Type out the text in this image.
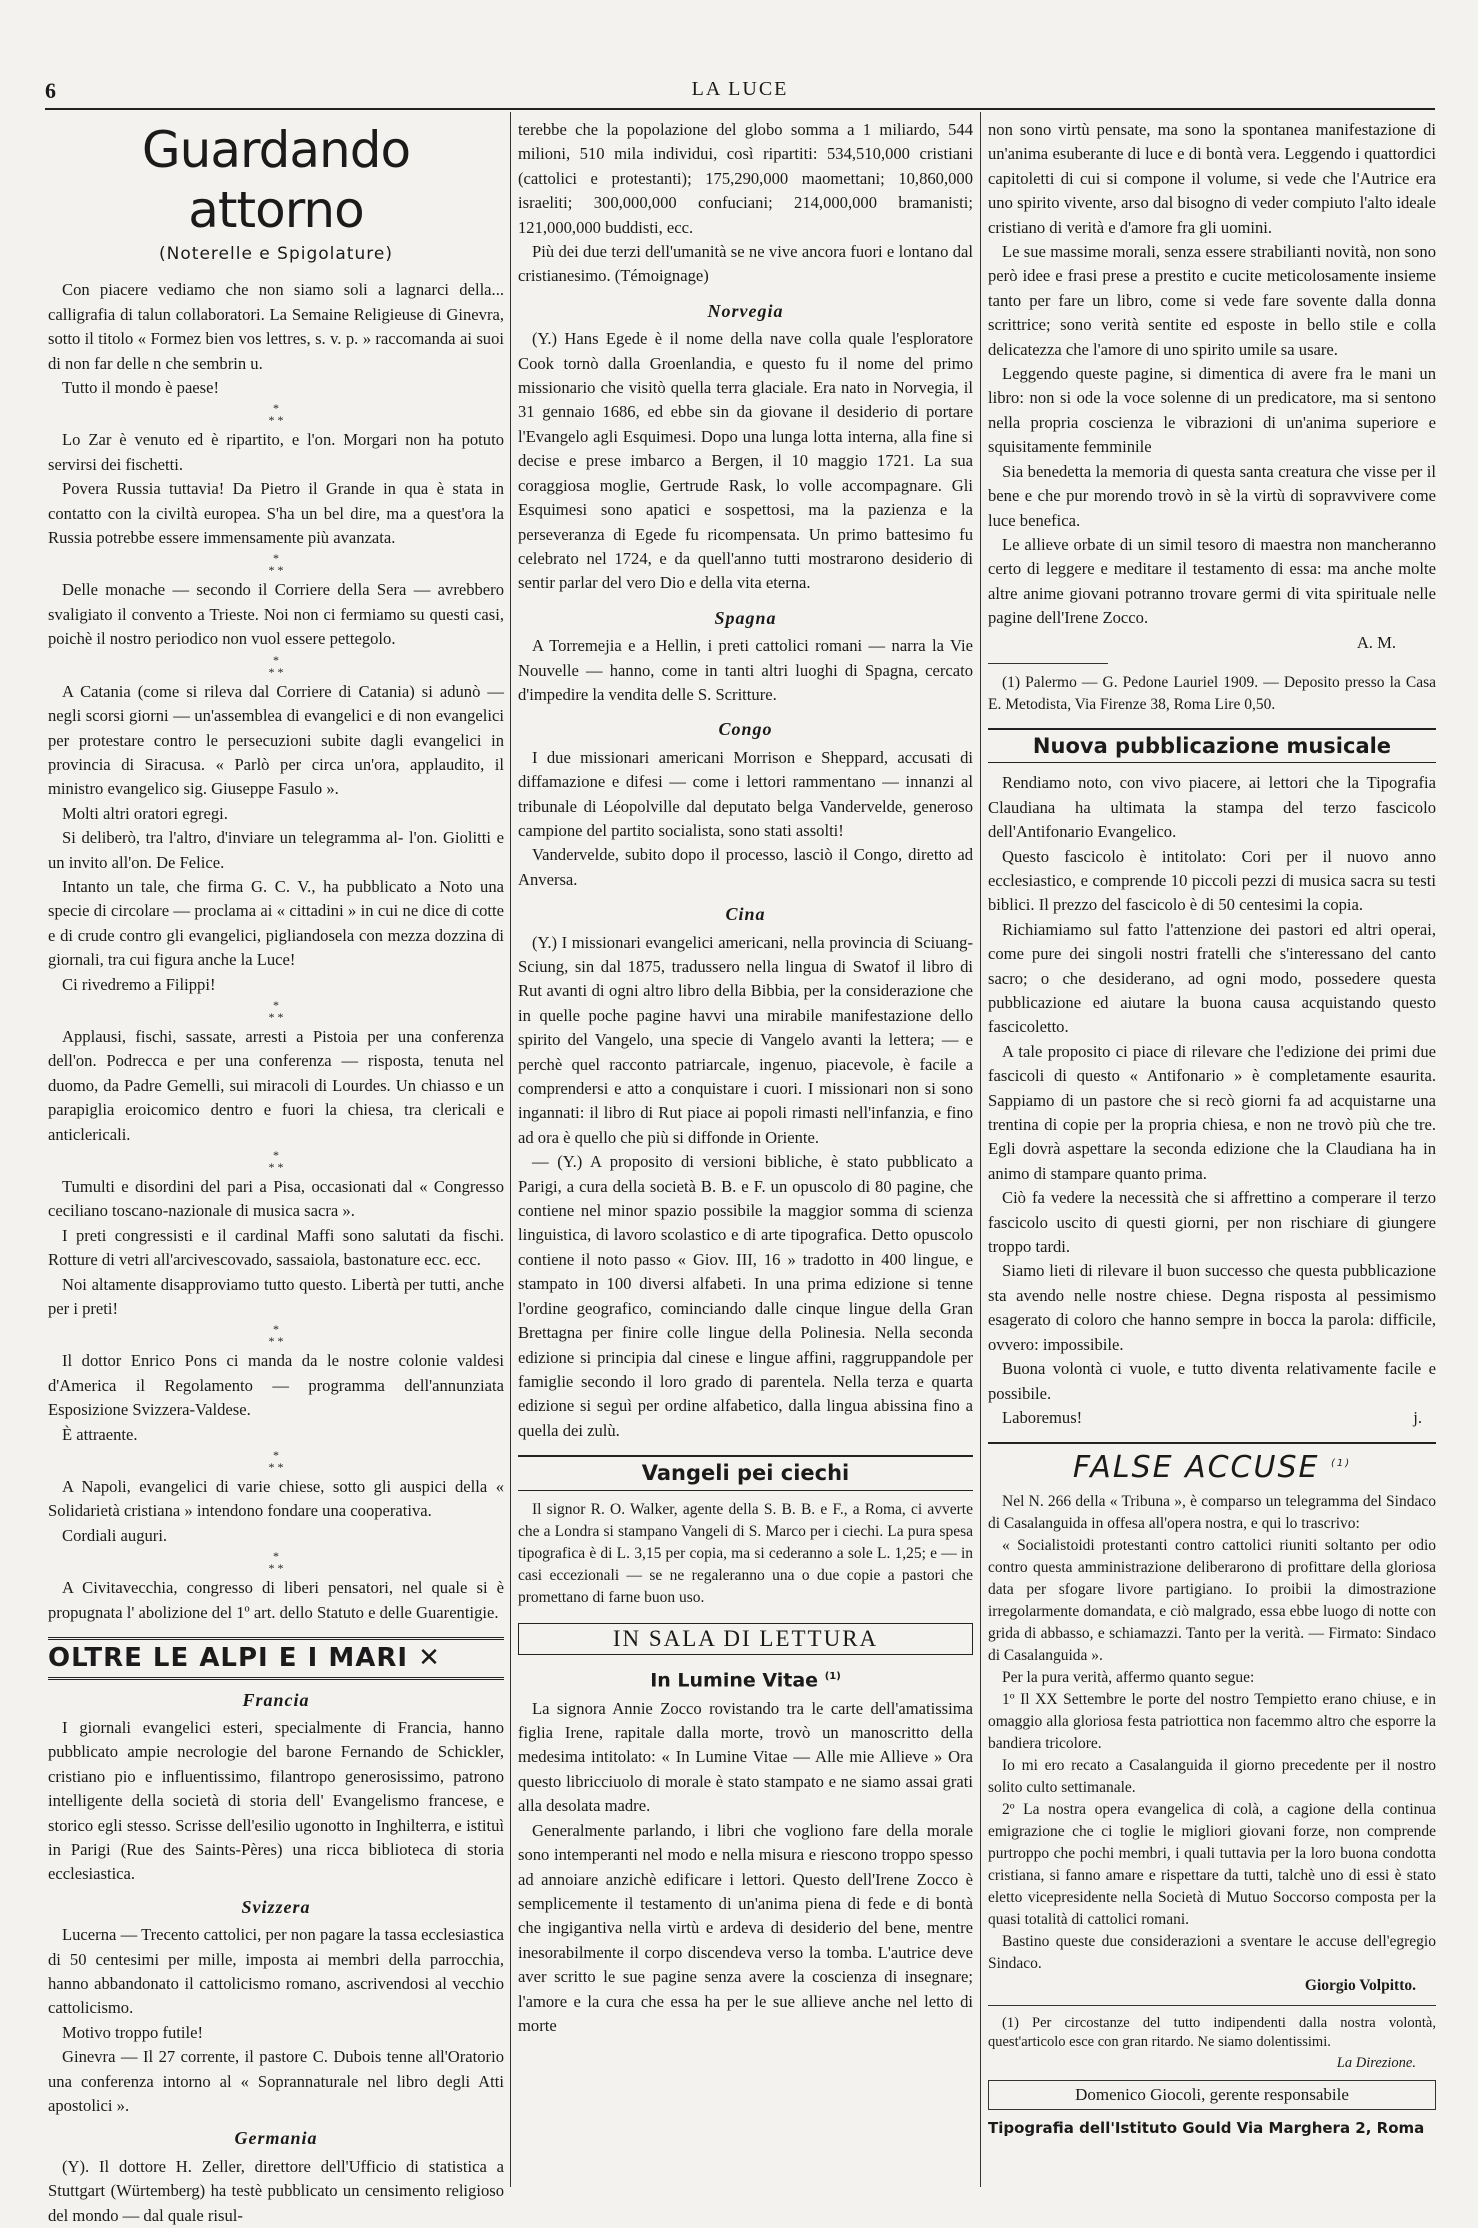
6	LA LUCE
Guardando attorno
(Noterelle e Spigolature)

Con piacere vediamo che non siamo soli a lagnarci della... calligrafia di talun collaboratori. La Semaine Religieuse di Ginevra, sotto il titolo « Formez bien vos lettres, s. v. p. » raccomanda ai suoi di non far delle n che sembrin u.

Tutto il mondo è paese!

*
* *

Lo Zar è venuto ed è ripartito, e l'on. Morgari non ha potuto servirsi dei fischetti.

Povera Russia tuttavia! Da Pietro il Grande in qua è stata in contatto con la civiltà europea. S'ha un bel dire, ma a quest'ora la Russia potrebbe essere immensamente più avanzata.

*
* *

Delle monache — secondo il Corriere della Sera — avrebbero svaligiato il convento a Trieste. Noi non ci fermiamo su questi casi, poichè il nostro periodico non vuol essere pettegolo.

*
* *

A Catania (come si rileva dal Corriere di Catania) si adunò — negli scorsi giorni — un'assemblea di evangelici e di non evangelici per protestare contro le persecuzioni subite dagli evangelici in provincia di Siracusa. « Parlò per circa un'ora, applaudito, il ministro evangelico sig. Giuseppe Fasulo ».

Molti altri oratori egregi.

Si deliberò, tra l'altro, d'inviare un telegramma al- l'on. Giolitti e un invito all'on. De Felice.

Intanto un tale, che firma G. C. V., ha pubblicato a Noto una specie di circolare — proclama ai « cittadini » in cui ne dice di cotte e di crude contro gli evangelici, pigliandosela con mezza dozzina di giornali, tra cui figura anche la Luce!

Ci rivedremo a Filippi!

*
* *

Applausi, fischi, sassate, arresti a Pistoia per una conferenza dell'on. Podrecca e per una conferenza — risposta, tenuta nel duomo, da Padre Gemelli, sui miracoli di Lourdes. Un chiasso e un parapiglia eroicomico dentro e fuori la chiesa, tra clericali e anticlericali.

*
* *

Tumulti e disordini del pari a Pisa, occasionati dal « Congresso ceciliano toscano-nazionale di musica sacra ».

I preti congressisti e il cardinal Maffi sono salutati da fischi. Rotture di vetri all'arcivescovado, sassaiola, bastonature ecc. ecc.

Noi altamente disapproviamo tutto questo. Libertà per tutti, anche per i preti!

*
* *

Il dottor Enrico Pons ci manda da le nostre colonie valdesi d'America il Regolamento — programma dell'annunziata Esposizione Svizzera-Valdese.

È attraente.

*
* *

A Napoli, evangelici di varie chiese, sotto gli auspici della « Solidarietà cristiana » intendono fondare una cooperativa.

Cordiali auguri.

*
* *

A Civitavecchia, congresso di liberi pensatori, nel quale si è propugnata l' abolizione del 1º art. dello Statuto e delle Guarentigie.

OLTRE LE ALPI E I MARI ✕
Francia

I giornali evangelici esteri, specialmente di Francia, hanno pubblicato ampie necrologie del barone Fernando de Schickler, cristiano pio e influentissimo, filantropo generosissimo, patrono intelligente della società di storia dell' Evangelismo francese, e storico egli stesso. Scrisse dell'esilio ugonotto in Inghilterra, e istituì in Parigi (Rue des Saints-Pères) una ricca biblioteca di storia ecclesiastica.

Svizzera

Lucerna — Trecento cattolici, per non pagare la tassa ecclesiastica di 50 centesimi per mille, imposta ai membri della parrocchia, hanno abbandonato il cattolicismo romano, ascrivendosi al vecchio cattolicismo.

Motivo troppo futile!

Ginevra — Il 27 corrente, il pastore C. Dubois tenne all'Oratorio una conferenza intorno al « Soprannaturale nel libro degli Atti apostolici ».

Germania

(Y). Il dottore H. Zeller, direttore dell'Ufficio di statistica a Stuttgart (Würtemberg) ha testè pubblicato un censimento religioso del mondo — dal quale risul-

terebbe che la popolazione del globo somma a 1 miliardo, 544 milioni, 510 mila individui, così ripartiti: 534,510,000 cristiani (cattolici e protestanti); 175,290,000 maomettani; 10,860,000 israeliti; 300,000,000 confuciani; 214,000,000 bramanisti; 121,000,000 buddisti, ecc.

Più dei due terzi dell'umanità se ne vive ancora fuori e lontano dal cristianesimo. (Témoignage)

Norvegia

(Y.) Hans Egede è il nome della nave colla quale l'esploratore Cook tornò dalla Groenlandia, e questo fu il nome del primo missionario che visitò quella terra glaciale. Era nato in Norvegia, il 31 gennaio 1686, ed ebbe sin da giovane il desiderio di portare l'Evangelo agli Esquimesi. Dopo una lunga lotta interna, alla fine si decise e prese imbarco a Bergen, il 10 maggio 1721. La sua coraggiosa moglie, Gertrude Rask, lo volle accompagnare. Gli Esquimesi sono apatici e sospettosi, ma la pazienza e la perseveranza di Egede fu ricompensata. Un primo battesimo fu celebrato nel 1724, e da quell'anno tutti mostrarono desiderio di sentir parlar del vero Dio e della vita eterna.

Spagna

A Torremejia e a Hellin, i preti cattolici romani — narra la Vie Nouvelle — hanno, come in tanti altri luoghi di Spagna, cercato d'impedire la vendita delle S. Scritture.

Congo

I due missionari americani Morrison e Sheppard, accusati di diffamazione e difesi — come i lettori rammentano — innanzi al tribunale di Léopolville dal deputato belga Vandervelde, generoso campione del partito socialista, sono stati assolti!

Vandervelde, subito dopo il processo, lasciò il Congo, diretto ad Anversa.

Cina

(Y.) I missionari evangelici americani, nella provincia di Sciuang-Sciung, sin dal 1875, tradussero nella lingua di Swatof il libro di Rut avanti di ogni altro libro della Bibbia, per la considerazione che in quelle poche pagine havvi una mirabile manifestazione dello spirito del Vangelo, una specie di Vangelo avanti la lettera; — e perchè quel racconto patriarcale, ingenuo, piacevole, è facile a comprendersi e atto a conquistare i cuori. I missionari non si sono ingannati: il libro di Rut piace ai popoli rimasti nell'infanzia, e fino ad ora è quello che più si diffonde in Oriente.

— (Y.) A proposito di versioni bibliche, è stato pubblicato a Parigi, a cura della società B. B. e F. un opuscolo di 80 pagine, che contiene nel minor spazio possibile la maggior somma di scienza linguistica, di lavoro scolastico e di arte tipografica. Detto opuscolo contiene il noto passo « Giov. III, 16 » tradotto in 400 lingue, e stampato in 100 diversi alfabeti. In una prima edizione si tenne l'ordine geografico, cominciando dalle cinque lingue della Gran Brettagna per finire colle lingue della Polinesia. Nella seconda edizione si principia dal cinese e lingue affini, raggruppandole per famiglie secondo il loro grado di parentela. Nella terza e quarta edizione si seguì per ordine alfabetico, dalla lingua abissina fino a quella dei zulù.

Vangeli pei ciechi

Il signor R. O. Walker, agente della S. B. B. e F., a Roma, ci avverte che a Londra si stampano Vangeli di S. Marco per i ciechi. La pura spesa tipografica è di L. 3,15 per copia, ma si cederanno a sole L. 1,25; e — in casi eccezionali — se ne regaleranno una o due copie a pastori che promettano di farne buon uso.

IN SALA DI LETTURA
In Lumine Vitae $^{(1)}$

La signora Annie Zocco rovistando tra le carte dell'amatissima figlia Irene, rapitale dalla morte, trovò un manoscritto della medesima intitolato: « In Lumine Vitae — Alle mie Allieve » Ora questo libricciuolo di morale è stato stampato e ne siamo assai grati alla desolata madre.

Generalmente parlando, i libri che vogliono fare della morale sono intemperanti nel modo e nella misura e riescono troppo spesso ad annoiare anzichè edificare i lettori. Questo dell'Irene Zocco è semplicemente il testamento di un'anima piena di fede e di bontà che ingigantiva nella virtù e ardeva di desiderio del bene, mentre inesorabilmente il corpo discendeva verso la tomba. L'autrice deve aver scritto le sue pagine senza avere la coscienza di insegnare; l'amore e la cura che essa ha per le sue allieve anche nel letto di morte

non sono virtù pensate, ma sono la spontanea manifestazione di un'anima esuberante di luce e di bontà vera. Leggendo i quattordici capitoletti di cui si compone il volume, si vede che l'Autrice era uno spirito vivente, arso dal bisogno di veder compiuto l'alto ideale cristiano di verità e d'amore fra gli uomini.

Le sue massime morali, senza essere strabilianti novità, non sono però idee e frasi prese a prestito e cucite meticolosamente insieme tanto per fare un libro, come si vede fare sovente dalla donna scrittrice; sono verità sentite ed esposte in bello stile e colla delicatezza che l'amore di uno spirito umile sa usare.

Leggendo queste pagine, si dimentica di avere fra le mani un libro: non si ode la voce solenne di un predicatore, ma si sentono nella propria coscienza le vibrazioni di un'anima superiore e squisitamente femminile

Sia benedetta la memoria di questa santa creatura che visse per il bene e che pur morendo trovò in sè la virtù di sopravvivere come luce benefica.

Le allieve orbate di un simil tesoro di maestra non mancheranno certo di leggere e meditare il testamento di essa: ma anche molte altre anime giovani potranno trovare germi di vita spirituale nelle pagine dell'Irene Zocco.

A. M.

(1) Palermo — G. Pedone Lauriel 1909. — Deposito presso la Casa E. Metodista, Via Firenze 38, Roma Lire 0,50.

Nuova pubblicazione musicale

Rendiamo noto, con vivo piacere, ai lettori che la Tipografia Claudiana ha ultimata la stampa del terzo fascicolo dell'Antifonario Evangelico.

Questo fascicolo è intitolato: Cori per il nuovo anno ecclesiastico, e comprende 10 piccoli pezzi di musica sacra su testi biblici. Il prezzo del fascicolo è di 50 centesimi la copia.

Richiamiamo sul fatto l'attenzione dei pastori ed altri operai, come pure dei singoli nostri fratelli che s'interessano del canto sacro; o che desiderano, ad ogni modo, possedere questa pubblicazione ed aiutare la buona causa acquistando questo fascicoletto.

A tale proposito ci piace di rilevare che l'edizione dei primi due fascicoli di questo « Antifonario » è completamente esaurita. Sappiamo di un pastore che si recò giorni fa ad acquistarne una trentina di copie per la propria chiesa, e non ne trovò più che tre. Egli dovrà aspettare la seconda edizione che la Claudiana ha in animo di stampare quanto prima.

Ciò fa vedere la necessità che si affrettino a comperare il terzo fascicolo uscito di questi giorni, per non rischiare di giungere troppo tardi.

Siamo lieti di rilevare il buon successo che questa pubblicazione sta avendo nelle nostre chiese. Degna risposta al pessimismo esagerato di coloro che hanno sempre in bocca la parola: difficile, ovvero: impossibile.

Buona volontà ci vuole, e tutto diventa relativamente facile e possibile.

Laboremus!	j.
FALSE ACCUSE $^{(1)}$

Nel N. 266 della « Tribuna », è comparso un telegramma del Sindaco di Casalanguida in offesa all'opera nostra, e qui lo trascrivo:

« Socialistoidi protestanti contro cattolici riuniti soltanto per odio contro questa amministrazione deliberarono di profittare della gloriosa data per sfogare livore partigiano. Io proibii la dimostrazione irregolarmente domandata, e ciò malgrado, essa ebbe luogo di notte con grida di abbasso, e schiamazzi. Tanto per la verità. — Firmato: Sindaco di Casalanguida ».

Per la pura verità, affermo quanto segue:

1º Il XX Settembre le porte del nostro Tempietto erano chiuse, e in omaggio alla gloriosa festa patriottica non facemmo altro che esporre la bandiera tricolore.

Io mi ero recato a Casalanguida il giorno precedente per il nostro solito culto settimanale.

2º La nostra opera evangelica di colà, a cagione della continua emigrazione che ci toglie le migliori giovani forze, non comprende purtroppo che pochi membri, i quali tuttavia per la loro buona condotta cristiana, si fanno amare e rispettare da tutti, talchè uno di essi è stato eletto vicepresidente nella Società di Mutuo Soccorso composta per la quasi totalità di cattolici romani.

Bastino queste due considerazioni a sventare le accuse dell'egregio Sindaco.

Giorgio Volpitto.

(1) Per circostanze del tutto indipendenti dalla nostra volontà, quest'articolo esce con gran ritardo. Ne siamo dolentissimi.

La Direzione.
Domenico Giocoli, gerente responsabile
Tipografia dell'Istituto Gould Via Marghera 2, Roma
